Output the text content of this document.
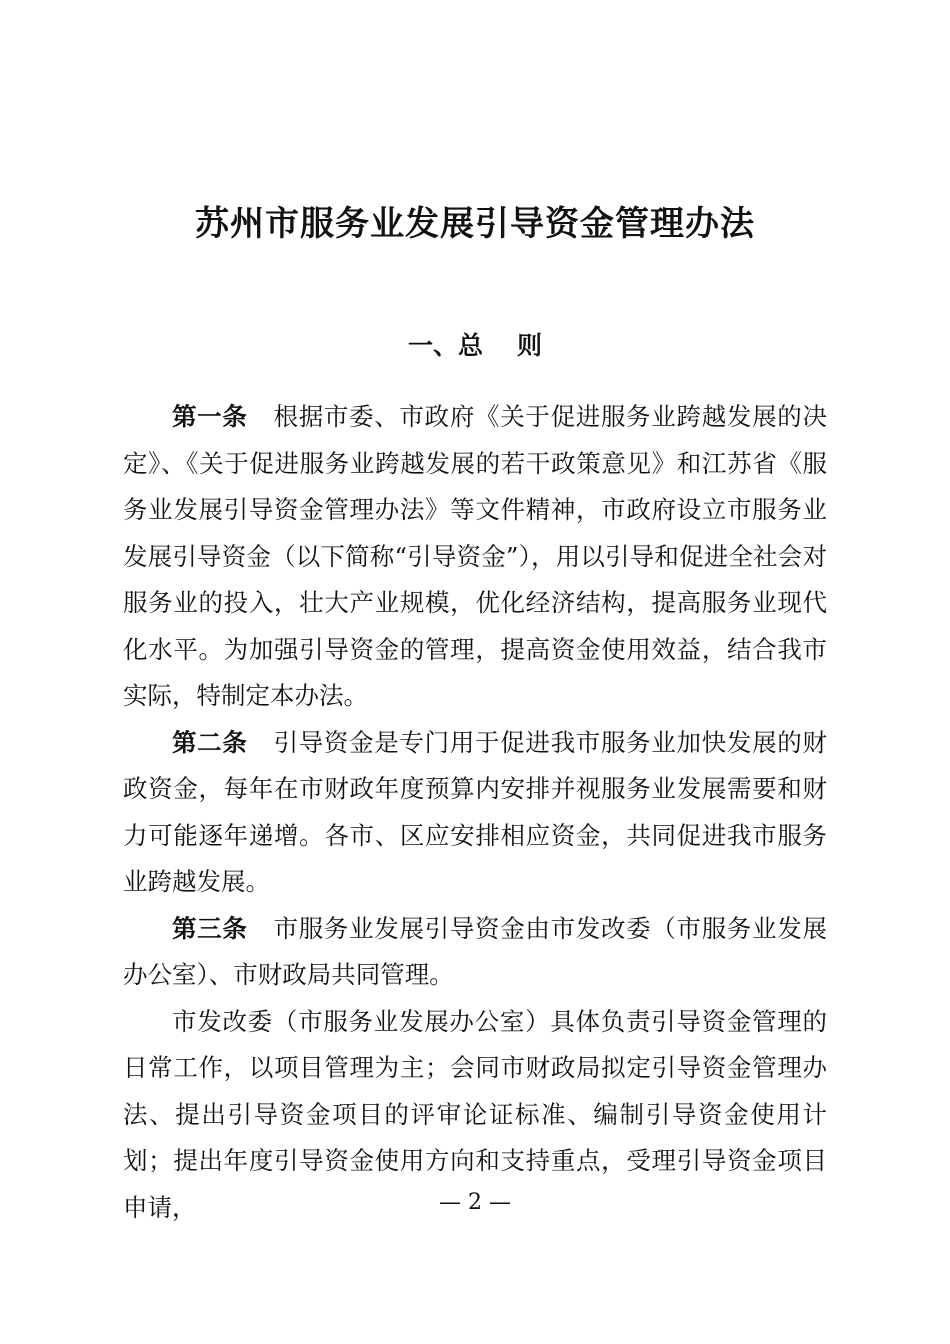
苏州市服务业发展引导资金管理办法
一、总 则

第一条 根据市委、市政府《关于促进服务业跨越发展的决定》、《关于促进服务业跨越发展的若干政策意见》和江苏省《服务业发展引导资金管理办法》等文件精神，市政府设立市服务业发展引导资金（以下简称“引导资金”），用以引导和促进全社会对服务业的投入，壮大产业规模，优化经济结构，提高服务业现代化水平。为加强引导资金的管理，提高资金使用效益，结合我市实际，特制定本办法。

第二条 引导资金是专门用于促进我市服务业加快发展的财政资金，每年在市财政年度预算内安排并视服务业发展需要和财力可能逐年递增。各市、区应安排相应资金，共同促进我市服务业跨越发展。

第三条 市服务业发展引导资金由市发改委（市服务业发展办公室）、市财政局共同管理。

市发改委（市服务业发展办公室）具体负责引导资金管理的日常工作，以项目管理为主；会同市财政局拟定引导资金管理办法、提出引导资金项目的评审论证标准、编制引导资金使用计划；提出年度引导资金使用方向和支持重点，受理引导资金项目申请，	— 2 —
